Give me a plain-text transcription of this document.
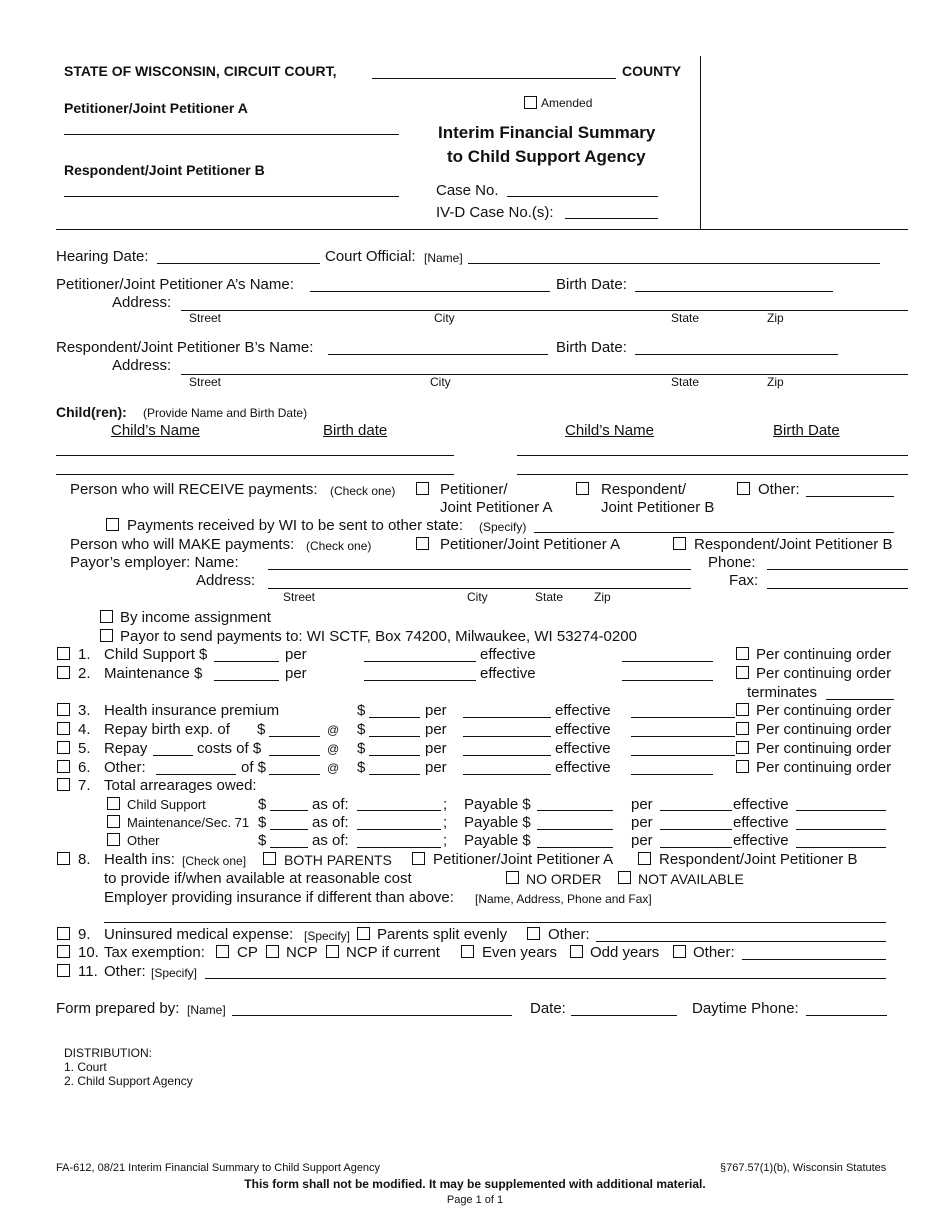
STATE OF WISCONSIN, CIRCUIT COURT,	COUNTY
Petitioner/Joint Petitioner A
Respondent/Joint Petitioner B
Amended
Interim Financial Summary
to Child Support Agency
Case No.
IV-D Case No.(s):
Hearing Date:	Court Official: [Name]
Petitioner/Joint Petitioner A’s Name:	Birth Date:
Address:
Street	City	State	Zip
Respondent/Joint Petitioner B’s Name:	Birth Date:
Address:
Street	City	State	Zip
Child(ren): (Provide Name and Birth Date)
Child’s Name	Birth date	Child’s Name	Birth Date
Person who will RECEIVE payments: (Check one)	Petitioner/
Joint Petitioner A
Respondent/
Joint Petitioner B
Other:
Payments received by WI to be sent to other state: (Specify)
Person who will MAKE payments: (Check one)	Petitioner/Joint Petitioner A	Respondent/Joint Petitioner B
Payor’s employer: Name:	Phone:
Address:	Fax:
Street	City	State	Zip
By income assignment
Payor to send payments to: WI SCTF, Box 74200, Milwaukee, WI 53274-0200
1. Child Support $	per	effective	Per continuing order
2. Maintenance $	per	effective	Per continuing order
terminates
3. Health insurance premium	$	per	effective	Per continuing order
4. Repay birth exp. of $	@ $	per	effective	Per continuing order
5. Repay	costs of $	@ $	per	effective	Per continuing order
6. Other:	of $	@ $	per	effective	Per continuing order
7. Total arrearages owed:
Child Support	$	as of:	; Payable $	per	effective
Maintenance/Sec. 71 $	as of:	; Payable $	per	effective
Other	$	as of:	; Payable $	per	effective
8. Health ins: [Check one]	BOTH PARENTS	Petitioner/Joint Petitioner A	Respondent/Joint Petitioner B
to provide if/when available at reasonable cost	NO ORDER	NOT AVAILABLE
Employer providing insurance if different than above: [Name, Address, Phone and Fax]
9. Uninsured medical expense: [Specify] Parents split evenly	Other:
10. Tax exemption: CP NCP NCP if current	Even years Odd years Other:
11. Other: [Specify]
Form prepared by: [Name]	Date:	Daytime Phone:
DISTRIBUTION:
1. Court
2. Child Support Agency
FA-612, 08/21 Interim Financial Summary to Child Support Agency	§767.57(1)(b), Wisconsin Statutes
This form shall not be modified. It may be supplemented with additional material.
Page 1 of 1
